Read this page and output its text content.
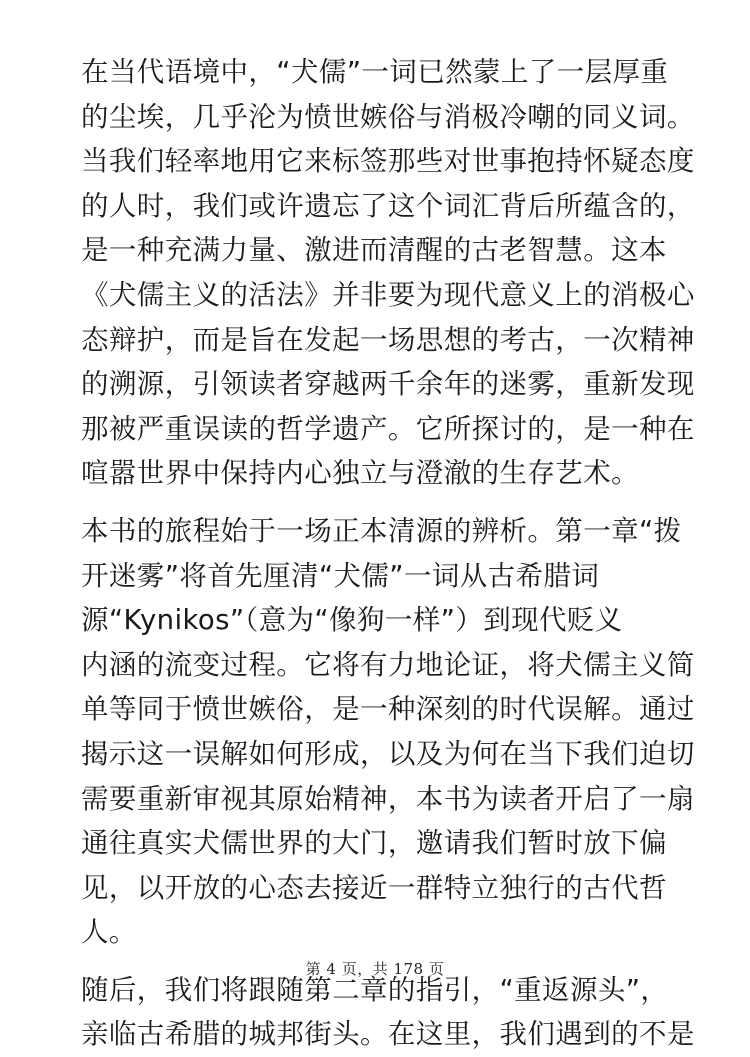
在当代语境中，“犬儒”一词已然蒙上了一层厚重
的尘埃，几乎沦为愤世嫉俗与消极冷嘲的同义词。
当我们轻率地用它来标签那些对世事抱持怀疑态度
的人时，我们或许遗忘了这个词汇背后所蕴含的，
是一种充满力量、激进而清醒的古老智慧。这本
《犬儒主义的活法》并非要为现代意义上的消极心
态辩护，而是旨在发起一场思想的考古，一次精神
的溯源，引领读者穿越两千余年的迷雾，重新发现
那被严重误读的哲学遗产。它所探讨的，是一种在
喧嚣世界中保持内心独立与澄澈的生存艺术。
本书的旅程始于一场正本清源的辨析。第一章“拨
开迷雾”将首先厘清“犬儒”一词从古希腊词
源“Kynikos”（意为“像狗一样”）到现代贬义
内涵的流变过程。它将有力地论证，将犬儒主义简
单等同于愤世嫉俗，是一种深刻的时代误解。通过
揭示这一误解如何形成，以及为何在当下我们迫切
需要重新审视其原始精神，本书为读者开启了一扇
通往真实犬儒世界的大门，邀请我们暂时放下偏
见，以开放的心态去接近一群特立独行的古代哲
人。
随后，我们将跟随第二章的指引，“重返源头”，
亲临古希腊的城邦街头。在这里，我们遇到的不是
第 4 页，共 178 页
